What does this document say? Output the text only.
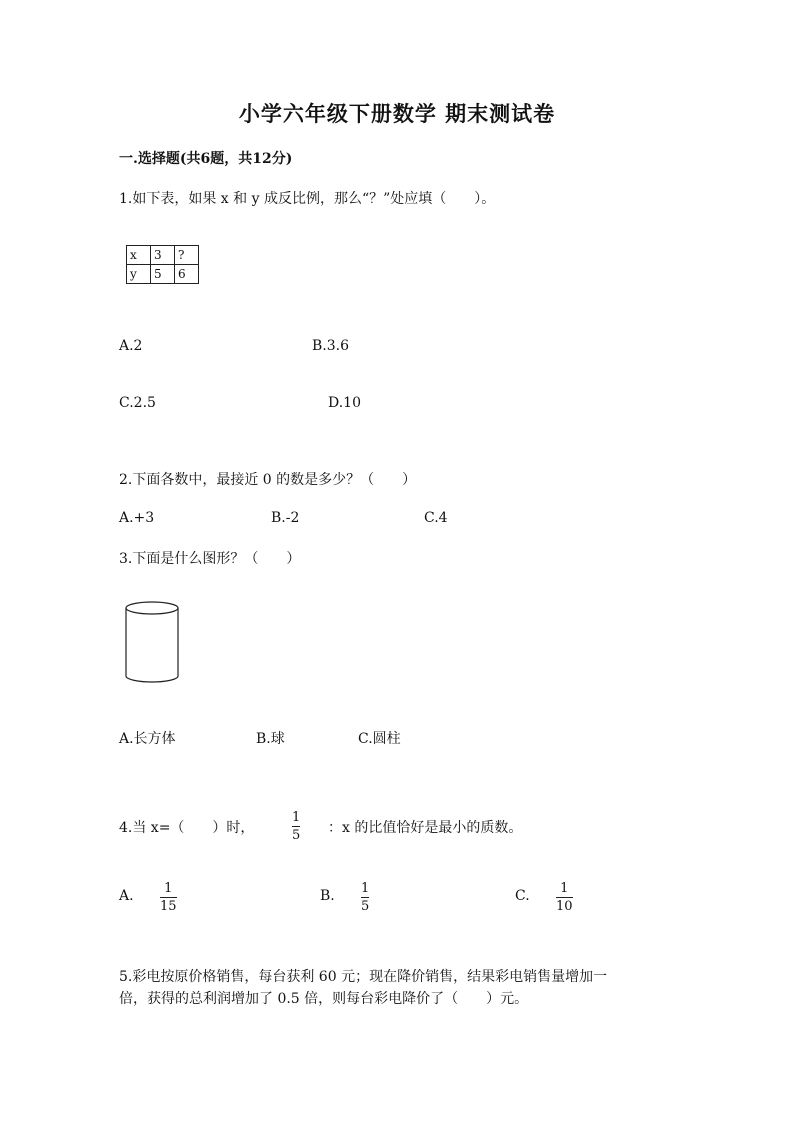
小学六年级下册数学 期末测试卷
一.选择题(共6题，共12分)
1.如下表，如果 x 和 y 成反比例，那么“？”处应填（　　）。
x	3	?
y	5	6
A.2	B.3.6
C.2.5	D.10
2.下面各数中，最接近 0 的数是多少？（　　）
A.+3	B.-2	C.4
3.下面是什么图形？（　　）
A.长方体	B.球	C.圆柱
4.当 x=（　　）时，
1
5 ：x 的比值恰好是最小的质数。
A. 1
15
B. 1
5
C. 1
10
5.彩电按原价格销售，每台获利 60 元；现在降价销售，结果彩电销售量增加一
倍，获得的总利润增加了 0.5 倍，则每台彩电降价了（　　）元。
